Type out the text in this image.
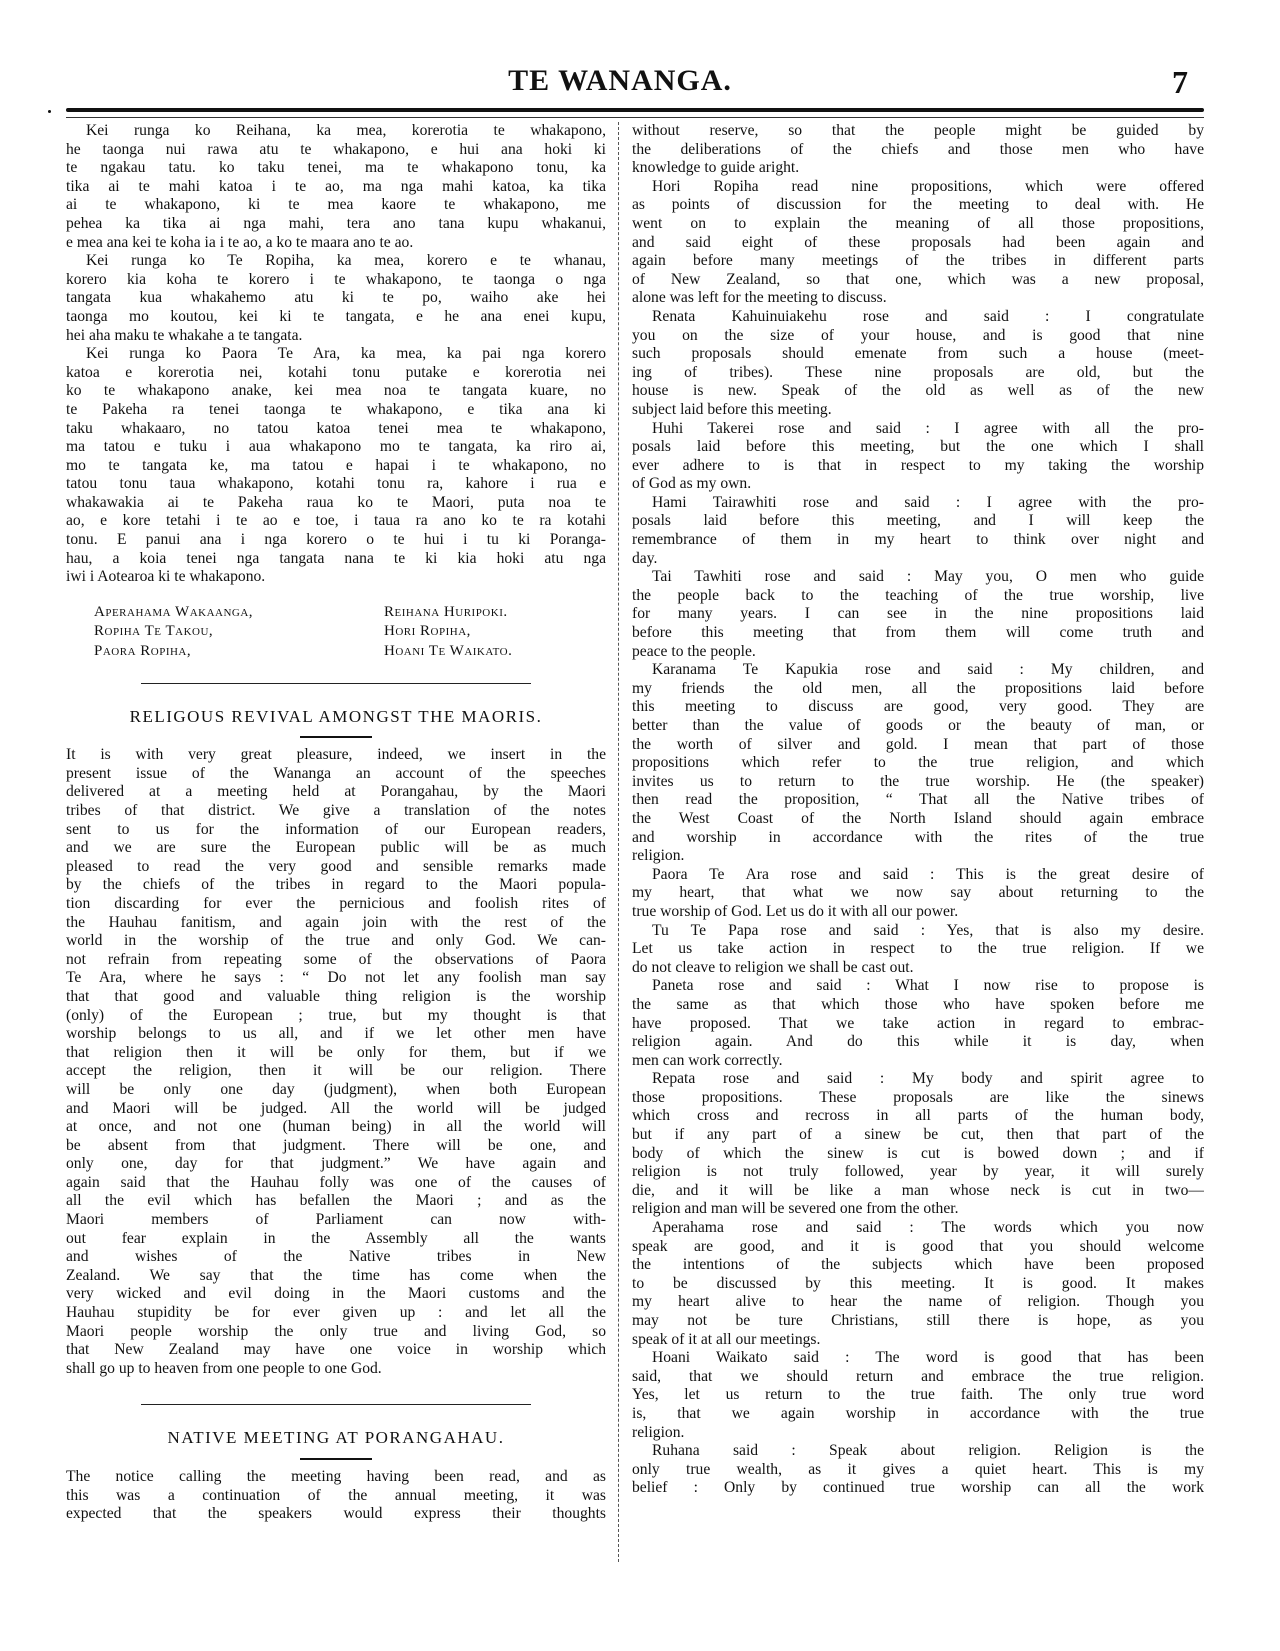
TE WANANGA.	7
Kei runga ko Reihana, ka mea, korerotia te whakapono,
he taonga nui rawa atu te whakapono, e hui ana hoki ki
te ngakau tatu. ko taku tenei, ma te whakapono tonu, ka
tika ai te mahi katoa i te ao, ma nga mahi katoa, ka tika
ai te whakapono, ki te mea kaore te whakapono, me
pehea ka tika ai nga mahi, tera ano tana kupu whakanui,
e mea ana kei te koha ia i te ao, a ko te maara ano te ao.
Kei runga ko Te Ropiha, ka mea, korero e te whanau,
korero kia koha te korero i te whakapono, te taonga o nga
tangata kua whakahemo atu ki te po, waiho ake hei
taonga mo koutou, kei ki te tangata, e he ana enei kupu,
hei aha maku te whakahe a te tangata.
Kei runga ko Paora Te Ara, ka mea, ka pai nga korero
katoa e korerotia nei, kotahi tonu putake e korerotia nei
ko te whakapono anake, kei mea noa te tangata kuare, no
te Pakeha ra tenei taonga te whakapono, e tika ana ki
taku whakaaro, no tatou katoa tenei mea te whakapono,
ma tatou e tuku i aua whakapono mo te tangata, ka riro ai,
mo te tangata ke, ma tatou e hapai i te whakapono, no
tatou tonu taua whakapono, kotahi tonu ra, kahore i rua e
whakawakia ai te Pakeha raua ko te Maori, puta noa te
ao, e kore tetahi i te ao e toe, i taua ra ano ko te ra kotahi
tonu. E panui ana i nga korero o te hui i tu ki Poranga-
hau, a koia tenei nga tangata nana te ki kia hoki atu nga
iwi i Aotearoa ki te whakapono.
Aperahama Wakaanga,	Reihana Huripoki.
Ropiha Te Takou,	Hori Ropiha,
Paora Ropiha,	Hoani Te Waikato.
RELIGOUS REVIVAL AMONGST THE MAORIS.
It is with very great pleasure, indeed, we insert in the
present issue of the Wananga an account of the speeches
delivered at a meeting held at Porangahau, by the Maori
tribes of that district. We give a translation of the notes
sent to us for the information of our European readers,
and we are sure the European public will be as much
pleased to read the very good and sensible remarks made
by the chiefs of the tribes in regard to the Maori popula-
tion discarding for ever the pernicious and foolish rites of
the Hauhau fanitism, and again join with the rest of the
world in the worship of the true and only God. We can-
not refrain from repeating some of the observations of Paora
Te Ara, where he says : “ Do not let any foolish man say
that that good and valuable thing religion is the worship
(only) of the European ; true, but my thought is that
worship belongs to us all, and if we let other men have
that religion then it will be only for them, but if we
accept the religion, then it will be our religion. There
will be only one day (judgment), when both European
and Maori will be judged. All the world will be judged
at once, and not one (human being) in all the world will
be absent from that judgment. There will be one, and
only one, day for that judgment.” We have again and
again said that the Hauhau folly was one of the causes of
all the evil which has befallen the Maori ; and as the
Maori members of Parliament can now with-
out fear explain in the Assembly all the wants
and wishes of the Native tribes in New
Zealand. We say that the time has come when the
very wicked and evil doing in the Maori customs and the
Hauhau stupidity be for ever given up : and let all the
Maori people worship the only true and living God, so
that New Zealand may have one voice in worship which
shall go up to heaven from one people to one God.
NATIVE MEETING AT PORANGAHAU.
The notice calling the meeting having been read, and as
this was a continuation of the annual meeting, it was
expected that the speakers would express their thoughts
without reserve, so that the people might be guided by
the deliberations of the chiefs and those men who have
knowledge to guide aright.
Hori Ropiha read nine propositions, which were offered
as points of discussion for the meeting to deal with. He
went on to explain the meaning of all those propositions,
and said eight of these proposals had been again and
again before many meetings of the tribes in different parts
of New Zealand, so that one, which was a new proposal,
alone was left for the meeting to discuss.
Renata Kahuinuiakehu rose and said : I congratulate
you on the size of your house, and is good that nine
such proposals should emenate from such a house (meet-
ing of tribes). These nine proposals are old, but the
house is new. Speak of the old as well as of the new
subject laid before this meeting.
Huhi Takerei rose and said : I agree with all the pro-
posals laid before this meeting, but the one which I shall
ever adhere to is that in respect to my taking the worship
of God as my own.
Hami Tairawhiti rose and said : I agree with the pro-
posals laid before this meeting, and I will keep the
remembrance of them in my heart to think over night and
day.
Tai Tawhiti rose and said : May you, O men who guide
the people back to the teaching of the true worship, live
for many years. I can see in the nine propositions laid
before this meeting that from them will come truth and
peace to the people.
Karanama Te Kapukia rose and said : My children, and
my friends the old men, all the propositions laid before
this meeting to discuss are good, very good. They are
better than the value of goods or the beauty of man, or
the worth of silver and gold. I mean that part of those
propositions which refer to the true religion, and which
invites us to return to the true worship. He (the speaker)
then read the proposition, “ That all the Native tribes of
the West Coast of the North Island should again embrace
and worship in accordance with the rites of the true
religion.
Paora Te Ara rose and said : This is the great desire of
my heart, that what we now say about returning to the
true worship of God. Let us do it with all our power.
Tu Te Papa rose and said : Yes, that is also my desire.
Let us take action in respect to the true religion. If we
do not cleave to religion we shall be cast out.
Paneta rose and said : What I now rise to propose is
the same as that which those who have spoken before me
have proposed. That we take action in regard to embrac-
religion again. And do this while it is day, when
men can work correctly.
Repata rose and said : My body and spirit agree to
those propositions. These proposals are like the sinews
which cross and recross in all parts of the human body,
but if any part of a sinew be cut, then that part of the
body of which the sinew is cut is bowed down ; and if
religion is not truly followed, year by year, it will surely
die, and it will be like a man whose neck is cut in two—
religion and man will be severed one from the other.
Aperahama rose and said : The words which you now
speak are good, and it is good that you should welcome
the intentions of the subjects which have been proposed
to be discussed by this meeting. It is good. It makes
my heart alive to hear the name of religion. Though you
may not be ture Christians, still there is hope, as you
speak of it at all our meetings.
Hoani Waikato said : The word is good that has been
said, that we should return and embrace the true religion.
Yes, let us return to the true faith. The only true word
is, that we again worship in accordance with the true
religion.
Ruhana said : Speak about religion. Religion is the
only true wealth, as it gives a quiet heart. This is my
belief : Only by continued true worship can all the work
